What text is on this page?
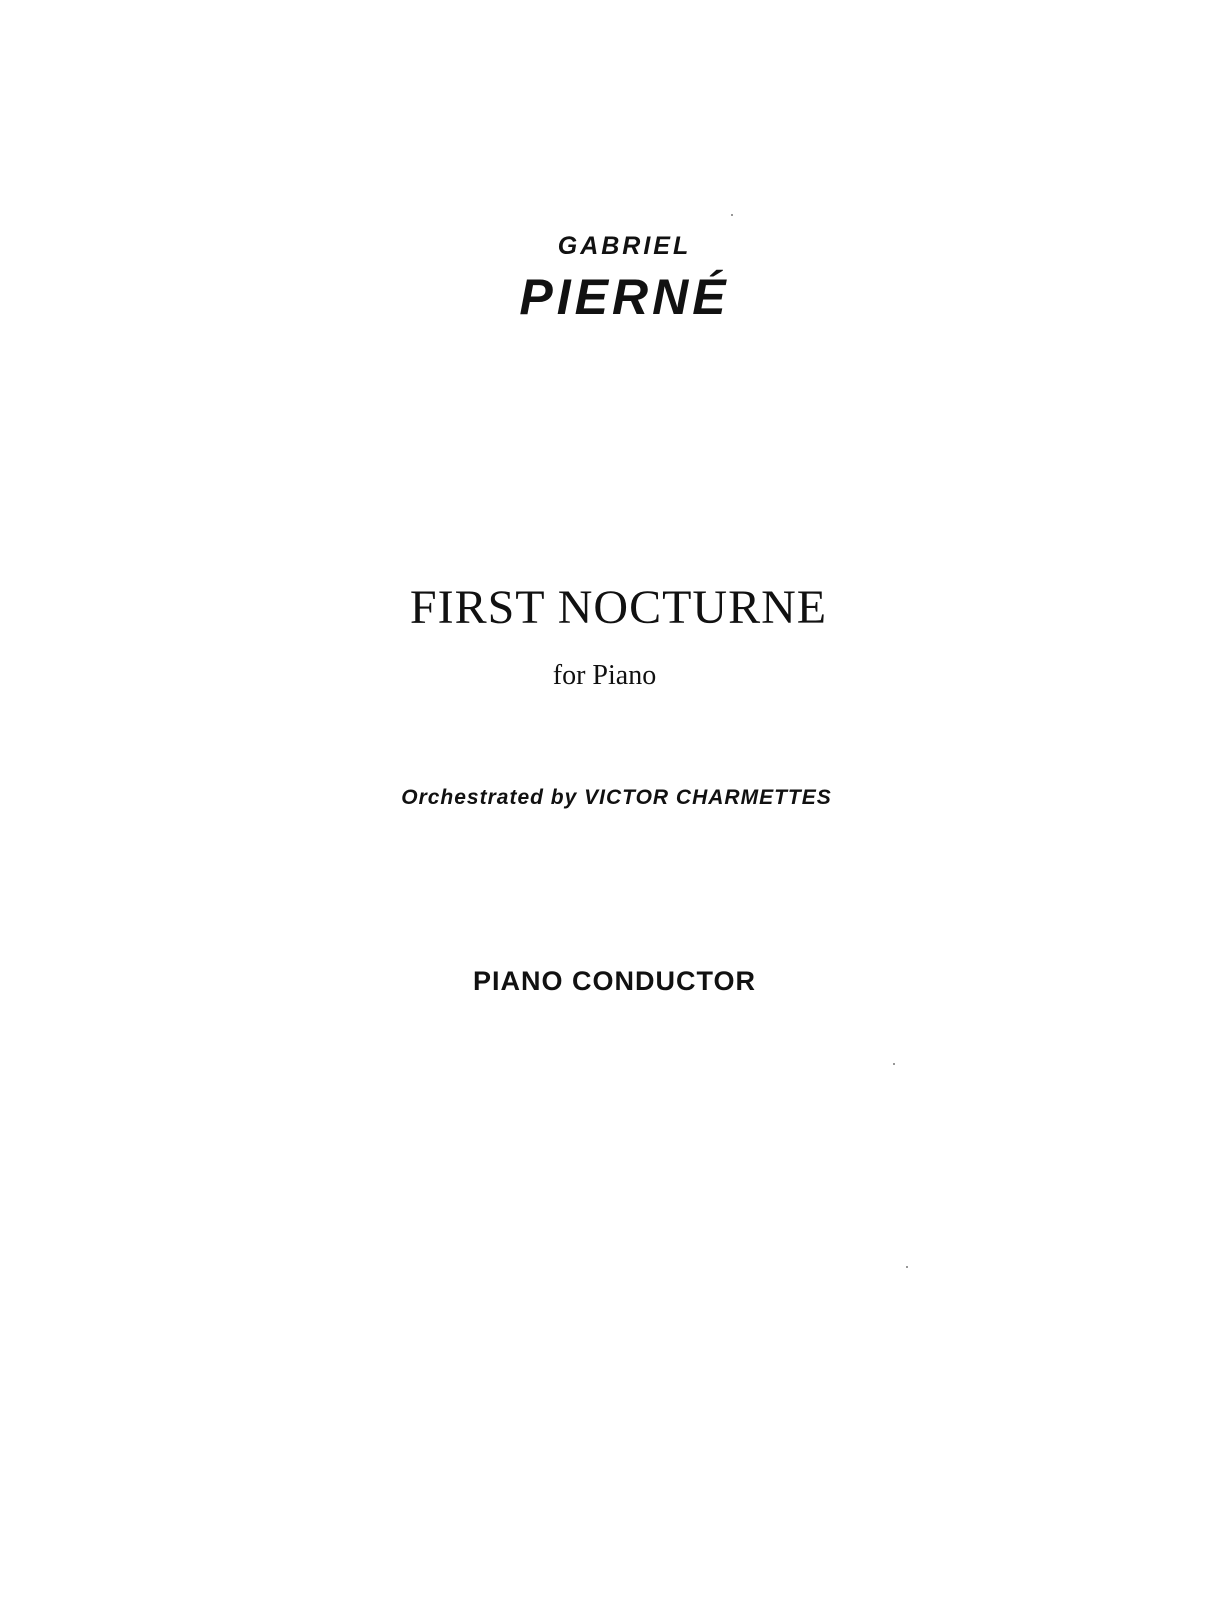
GABRIEL
PIERNÉ
FIRST NOCTURNE
for Piano
Orchestrated by VICTOR CHARMETTES
PIANO CONDUCTOR
